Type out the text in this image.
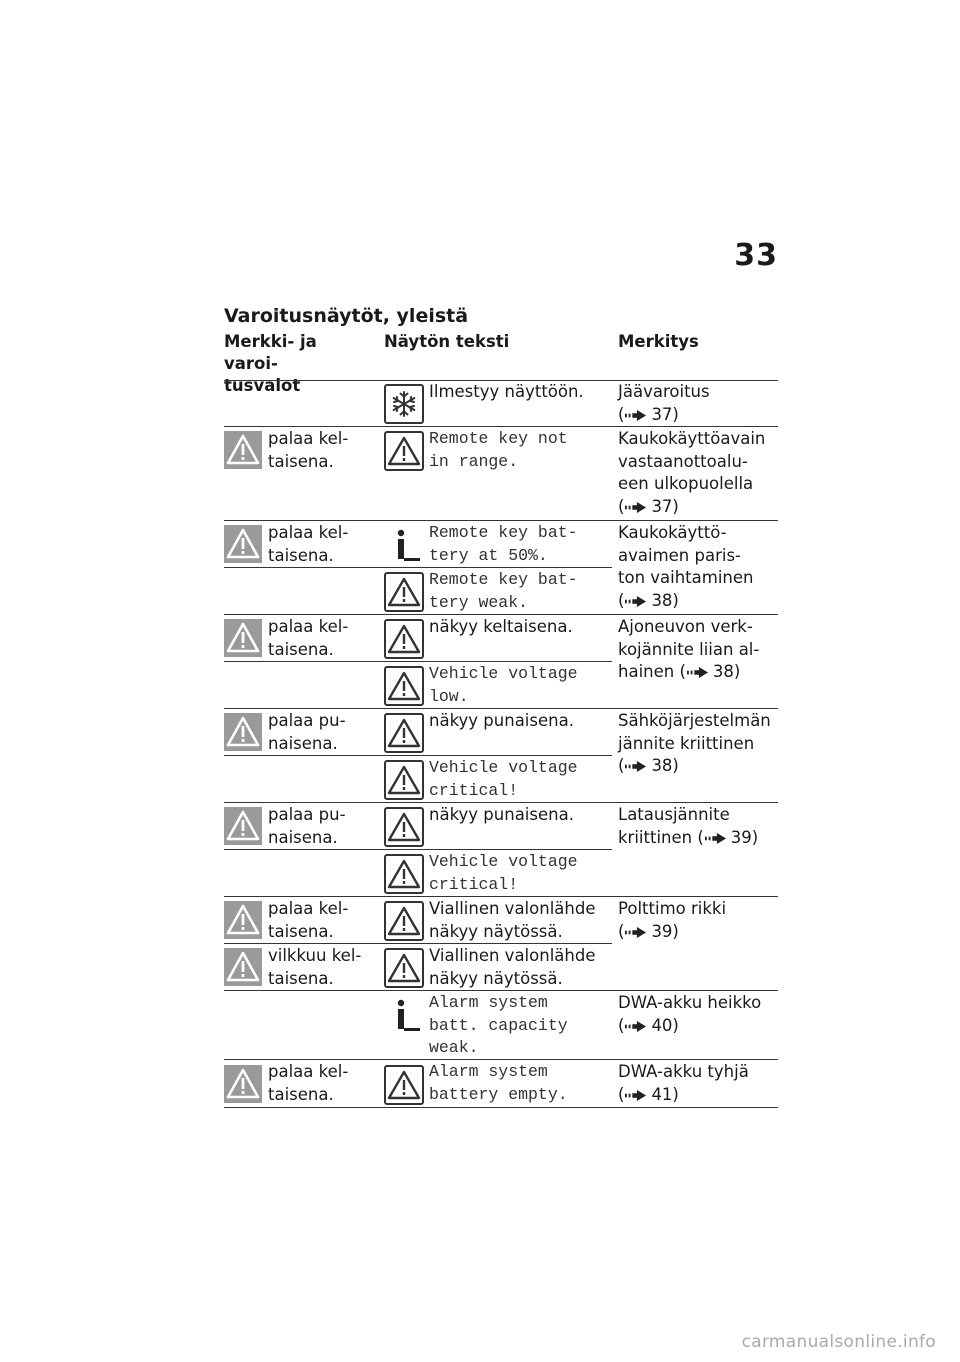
33
Varoitusnäytöt, yleistä
Merkki- ja varoi-
tusvalot
Näytön teksti	Merkitys
Ilmestyy näyttöön.
palaa kel-
taisena.
Remote key not
in range.
palaa kel-
taisena.
Remote key bat-
tery at 50%.
Remote key bat-
tery weak.
palaa kel-
taisena.
näkyy keltaisena.
Vehicle voltage
low.
palaa pu-
naisena.
näkyy punaisena.
Vehicle voltage
critical!
palaa pu-
naisena.
näkyy punaisena.
Vehicle voltage
critical!
palaa kel-
taisena.
Viallinen valonlähde
näkyy näytössä.
vilkkuu kel-
taisena.
Viallinen valonlähde
näkyy näytössä.
Alarm system
batt. capacity
weak.
palaa kel-
taisena.
Alarm system
battery empty.
Jäävaroitus
( 37)
Kaukokäyttöavain
vastaanottoalu-
een ulkopuolella
( 37)
Kaukokäyttö-
avaimen paris-
ton vaihtaminen
( 38)
Ajoneuvon verk-
kojännite liian al-
hainen ( 38)
Sähköjärjestelmän
jännite kriittinen
( 38)
Latausjännite
kriittinen ( 39)
Polttimo rikki
( 39)
DWA-akku heikko
( 40)
DWA-akku tyhjä
( 41)
carmanualsonline.info
